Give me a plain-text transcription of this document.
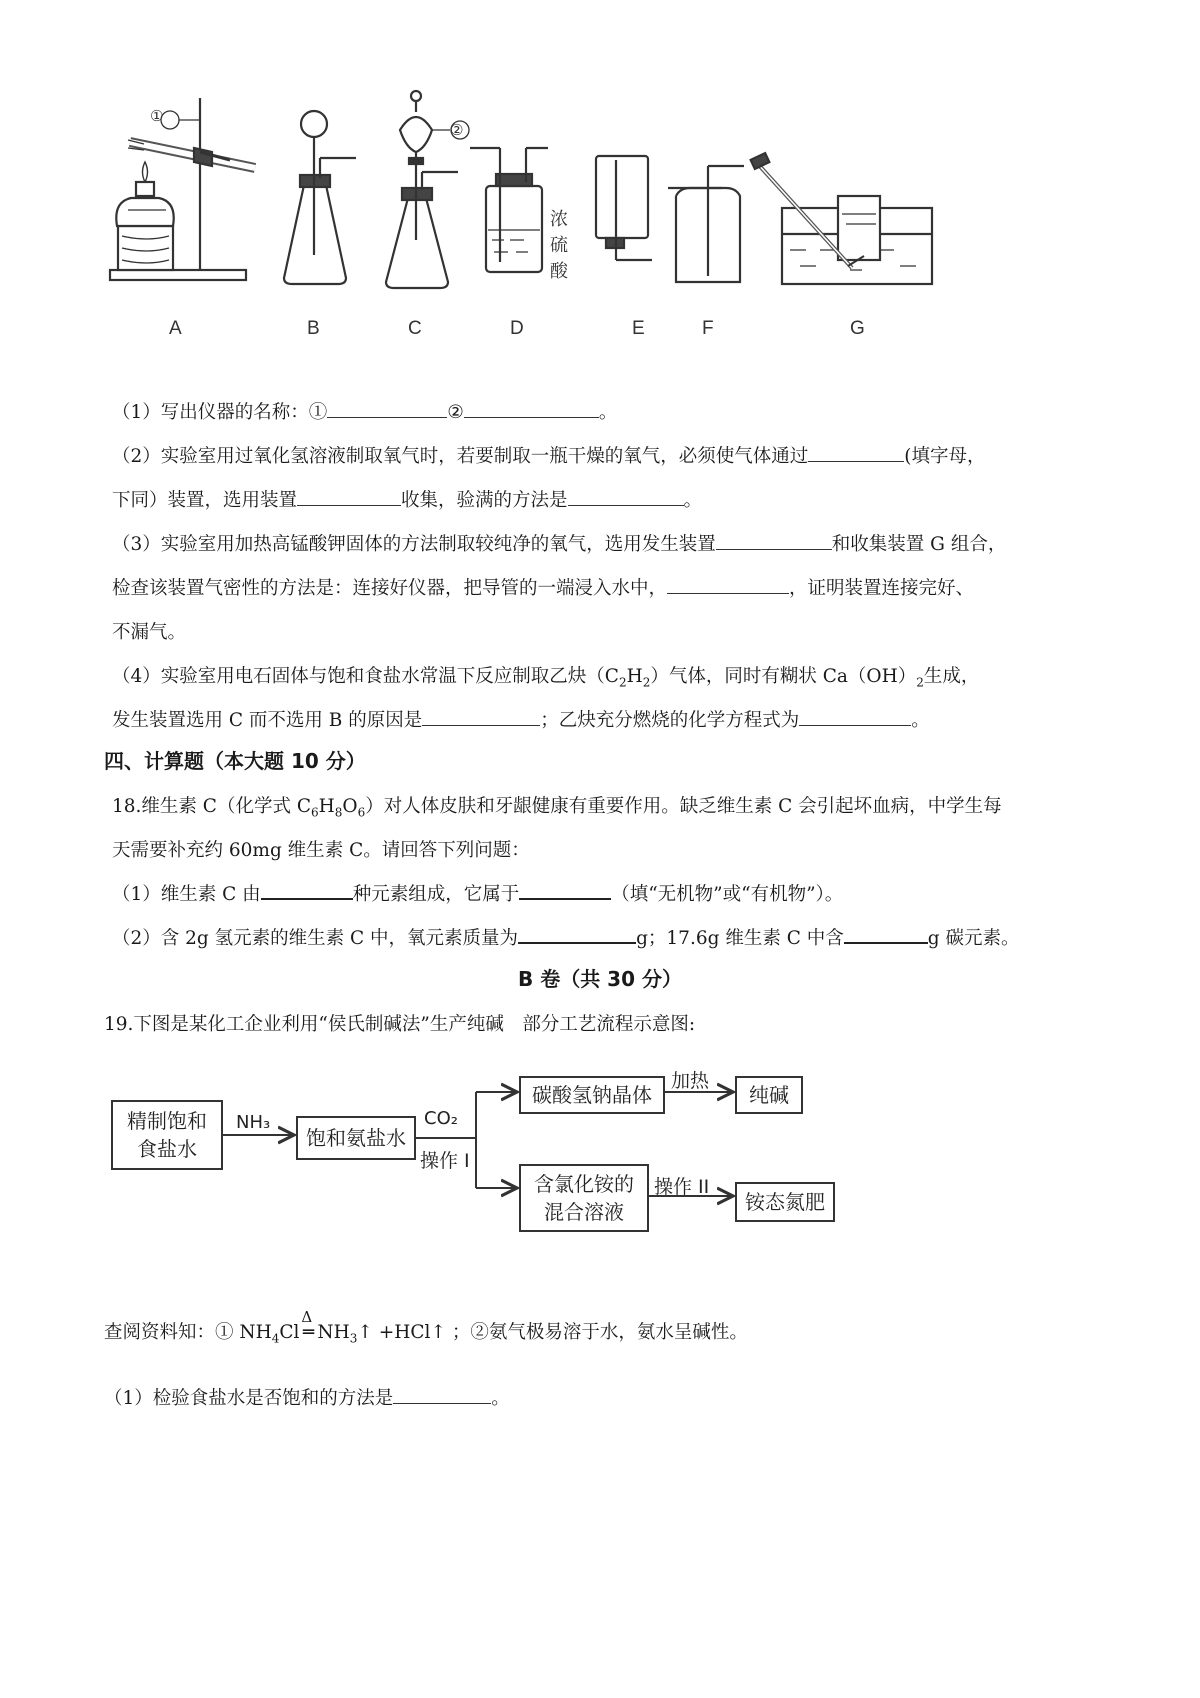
①
②
浓
硫
酸
A	B	C	D	E	F	G
（1）写出仪器的名称：①	②	。
（2）实验室用过氧化氢溶液制取氧气时，若要制取一瓶干燥的氧气，必须使气体通过	(填字母，
下同）装置，选用装置	收集，验满的方法是	。
（3）实验室用加热高锰酸钾固体的方法制取较纯净的氧气，选用发生装置	和收集装置 G 组合，
检查该装置气密性的方法是：连接好仪器，把导管的一端浸入水中，	，证明装置连接完好、
不漏气。
（4）实验室用电石固体与饱和食盐水常温下反应制取乙炔$(C_2H_2)$气体，同时有糊状 $Ca(OH)_2$生成，
发生装置选用 C 而不选用 B 的原因是	；乙炔充分燃烧的化学方程式为	。
四、计算题（本大题 10 分）
18.维生素 C（化学式 $C_6H_8O_6$）对人体皮肤和牙龈健康有重要作用。缺乏维生素 C 会引起坏血病，中学生每
天需要补充约 60mg 维生素 C。请回答下列问题：
（1）维生素 C 由	种元素组成，它属于	（填“无机物”或“有机物”）。
（2）含 2g 氢元素的维生素 C 中，氧元素质量为	g；17.6g 维生素 C 中含	g 碳元素。
B 卷（共 30 分）
19.下图是某化工企业利用“侯氏制碱法”生产纯碱　部分工艺流程示意图:
精制饱和
食盐水
NH₃
饱和氨盐水
CO₂
操作 I
碳酸氢钠晶体
加热
纯碱
含氯化铵的
混合溶液
操作 II
铵态氮肥
查阅资料知：① $NH_4Cl$
Δ
═ $NH_3↑$ +HCl↑ ；②氨气极易溶于水，氨水呈碱性。
（1）检验食盐水是否饱和的方法是	。
